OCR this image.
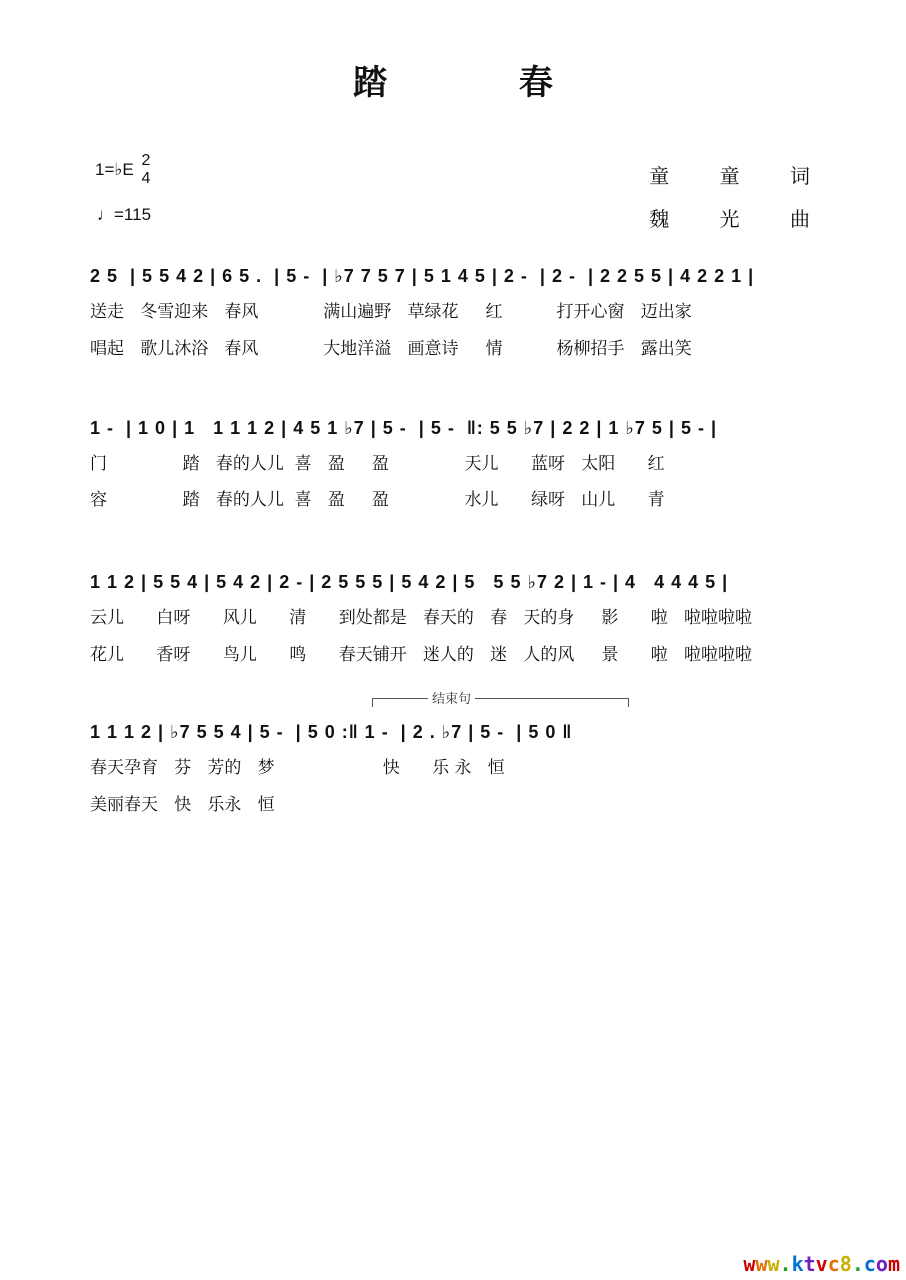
踏 春
1=♭E 2
4
♩=115
童 童 词
魏 光 曲
2 5  | 5 5 4 2 | 6 5 .  | 5 -  | ♭7 7 5 7 | 5 1 4 5 | 2 -  | 2 -  | 2 2 5 5 | 4 2 2 1 |
送走   冬雪迎来   春风            满山遍野   草绿花     红          打开心窗   迈出家
唱起   歌儿沐浴   春风            大地洋溢   画意诗     情          杨柳招手   露出笑
1 -  | 1 0 | 1   1 1 1 2 | 4 5 1 ♭7 | 5 -  | 5 -  ‖: 5 5 ♭7 | 2 2 | 1 ♭7 5 | 5 - |
门              踏   春的人儿  喜   盈     盈              天儿      蓝呀   太阳      红
容              踏   春的人儿  喜   盈     盈              水儿      绿呀   山儿      青
1 1 2 | 5 5 4 | 5 4 2 | 2 - | 2 5 5 5 | 5 4 2 | 5   5 5 ♭7 2 | 1 - | 4   4 4 4 5 |
云儿      白呀      风儿      清      到处都是   春天的   春   天的身     影      啦   啦啦啦啦
花儿      香呀      鸟儿      鸣      春天铺开   迷人的   迷   人的风     景      啦   啦啦啦啦
结束句
1 1 1 2 | ♭7 5 5 4 | 5 -  | 5 0 :‖ 1 -  | 2 . ♭7 | 5 -  | 5 0 ‖
春天孕育   芬   芳的   梦                    快      乐 永   恒
美丽春天   快   乐永   恒
www.ktvc8.com
